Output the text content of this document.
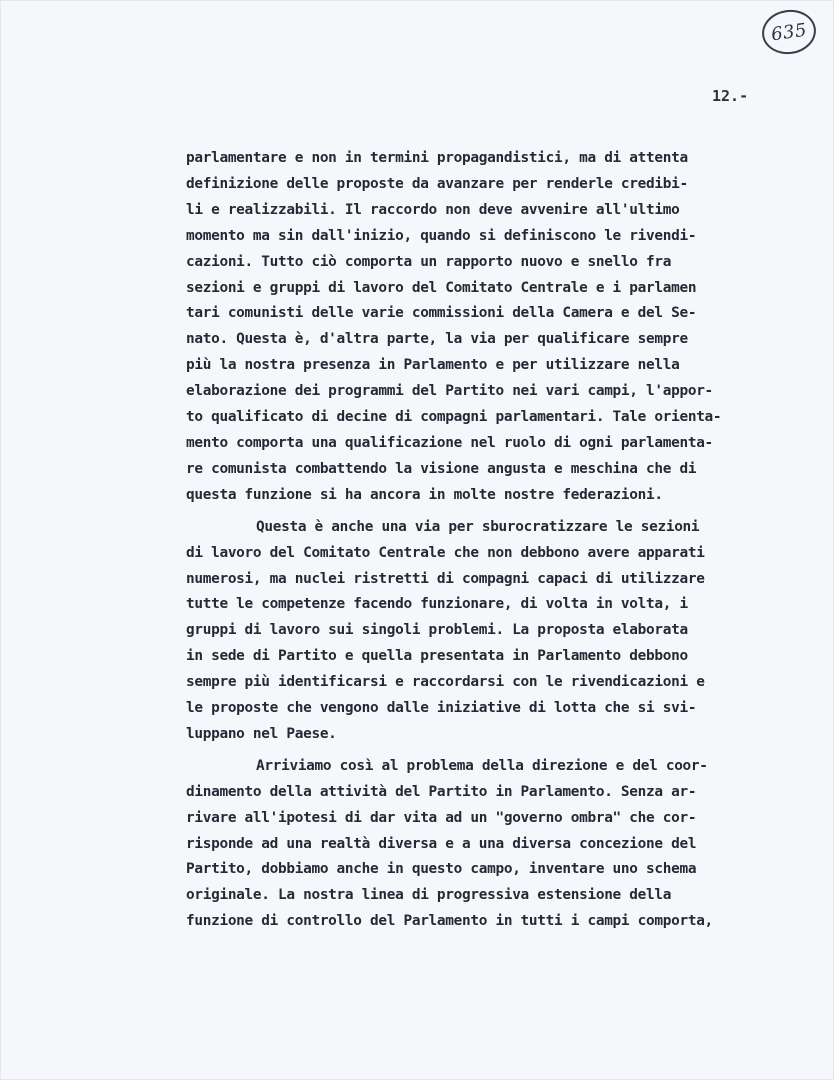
635
12.-
parlamentare e non in termini propagandistici, ma di attenta
definizione delle proposte da avanzare per renderle credibi-
li e realizzabili. Il raccordo non deve avvenire all'ultimo
momento ma sin dall'inizio, quando si definiscono le rivendi-
cazioni. Tutto ciò comporta un rapporto nuovo e snello fra
sezioni e gruppi di lavoro del Comitato Centrale e i parlamen
tari comunisti delle varie commissioni della Camera e del Se-
nato. Questa è, d'altra parte, la via per qualificare sempre
più la nostra presenza in Parlamento e per utilizzare nella
elaborazione dei programmi del Partito nei vari campi, l'appor-
to qualificato di decine di compagni parlamentari. Tale orienta-
mento comporta una qualificazione nel ruolo di ogni parlamenta-
re comunista combattendo la visione angusta e meschina che di
questa funzione si ha ancora in molte nostre federazioni.
Questa è anche una via per sburocratizzare le sezioni
di lavoro del Comitato Centrale che non debbono avere apparati
numerosi, ma nuclei ristretti di compagni capaci di utilizzare
tutte le competenze facendo funzionare, di volta in volta, i
gruppi di lavoro sui singoli problemi. La proposta elaborata
in sede di Partito e quella presentata in Parlamento debbono
sempre più identificarsi e raccordarsi con le rivendicazioni e
le proposte che vengono dalle iniziative di lotta che si svi-
luppano nel Paese.
Arriviamo così al problema della direzione e del coor-
dinamento della attività del Partito in Parlamento. Senza ar-
rivare all'ipotesi di dar vita ad un "governo ombra" che cor-
risponde ad una realtà diversa e a una diversa concezione del
Partito, dobbiamo anche in questo campo, inventare uno schema
originale. La nostra linea di progressiva estensione della
funzione di controllo del Parlamento in tutti i campi comporta,
